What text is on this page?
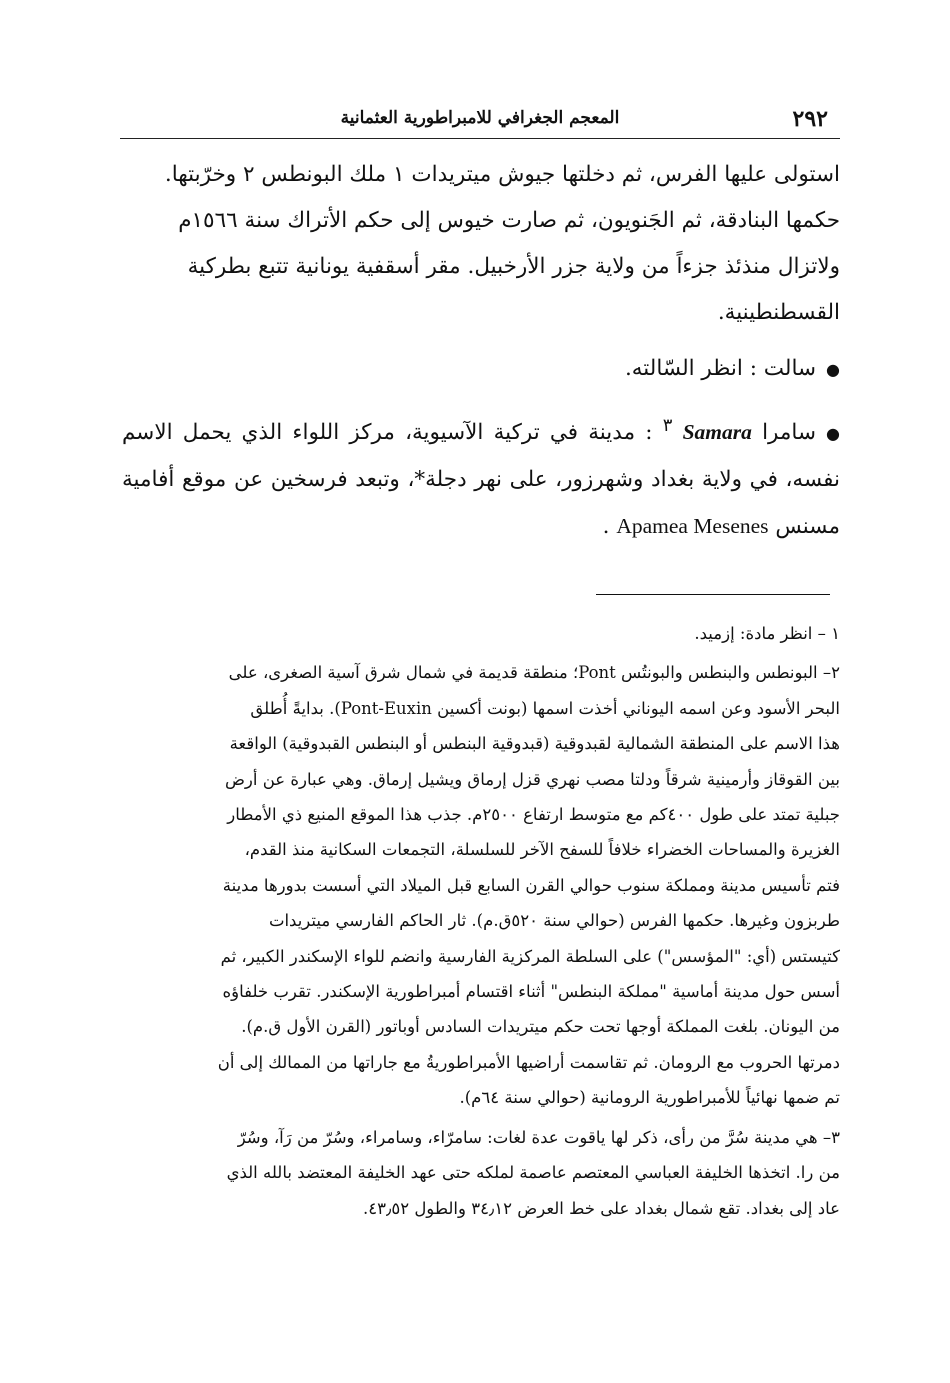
٢٩٢
المعجم الجغرافي للامبراطورية العثمانية

استولى عليها الفرس، ثم دخلتها جيوش ميتريدات ١ ملك البونطس ٢ وخرّبتها.

حكمها البنادقة، ثم الجَنويون، ثم صارت خيوس إلى حكم الأتراك سنة ١٥٦٦م

ولاتزال منذئذ جزءاً من ولاية جزر الأرخبيل. مقر أسقفية يونانية تتبع بطركية

القسطنطينية.

●سالت : انظر السّالته.

●سامرا Samara $^٣$ : مدينة في تركية الآسيوية، مركز اللواء الذي يحمل الاسم نفسه، في ولاية بغداد وشهرزور، على نهر دجلة*، وتبعد فرسخين عن موقع أفامية مسنس Apamea Mesenes .

١ – انظر مادة: إزميد.

٢– البونطس والبنطس والبونتُس Pont؛ منطقة قديمة في شمال شرق آسية الصغرى، على

البحر الأسود وعن اسمه اليوناني أخذت اسمها (بونت أكسين Pont-Euxin). بدايةً أُطلق

هذا الاسم على المنطقة الشمالية لقبدوقية (قبدوقية البنطس أو البنطس القبدوقية) الواقعة

بين القوقاز وأرمينية شرقاً ودلتا مصب نهري قزل إرماق ويشيل إرماق. وهي عبارة عن أرض

جبلية تمتد على طول ٤٠٠كم مع متوسط ارتفاع ٢٥٠٠م. جذب هذا الموقع المنيع ذي الأمطار

الغزيرة والمساحات الخضراء خلافاً للسفح الآخر للسلسلة، التجمعات السكانية منذ القدم،

فتم تأسيس مدينة ومملكة سنوب حوالي القرن السابع قبل الميلاد التي أسست بدورها مدينة

طربزون وغيرها. حكمها الفرس (حوالي سنة ٥٢٠ق.م). ثار الحاكم الفارسي ميتريدات

كتيستس (أي: "المؤسس") على السلطة المركزية الفارسية وانضم للواء الإسكندر الكبير، ثم

أسس حول مدينة أماسية "مملكة البنطس" أثناء اقتسام أمبراطورية الإسكندر. تقرب خلفاؤه

من اليونان. بلغت المملكة أوجها تحت حكم ميتريدات السادس أوباتور (القرن الأول ق.م).

دمرتها الحروب مع الرومان. ثم تقاسمت أراضيها الأمبراطوريةُ مع جاراتها من الممالك إلى أن

تم ضمها نهائياً للأمبراطورية الرومانية (حوالي سنة ٦٤م).

٣– هي مدينة سُرَّ من رأى، ذكر لها ياقوت عدة لغات: سامرّاء، وسامراء، وسُرّ من رَآ، وسُرّ

من را. اتخذها الخليفة العباسي المعتصم عاصمة لملكه حتى عهد الخليفة المعتضد بالله الذي

عاد إلى بغداد. تقع شمال بغداد على خط العرض ٣٤٫١٢ والطول ٤٣٫٥٢.
